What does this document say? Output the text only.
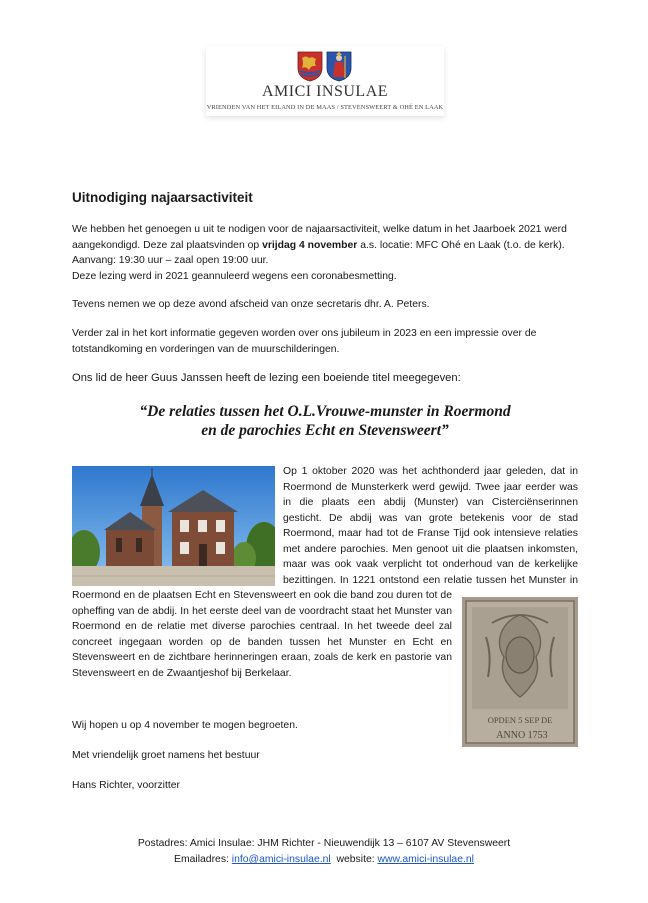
AMICI INSULAE
VRIENDEN VAN HET EILAND IN DE MAAS / STEVENSWEERT & OHÉ EN LAAK
Uitnodiging najaarsactiviteit

We hebben het genoegen u uit te nodigen voor de najaarsactiviteit, welke datum in het Jaarboek 2021 werd aangekondigd. Deze zal plaatsvinden op vrijdag 4 november a.s. locatie: MFC Ohé en Laak (t.o. de kerk). Aanvang: 19:30 uur – zaal open 19:00 uur.
Deze lezing werd in 2021 geannuleerd wegens een coronabesmetting.

Tevens nemen we op deze avond afscheid van onze secretaris dhr. A. Peters.

Verder zal in het kort informatie gegeven worden over ons jubileum in 2023 en een impressie over de totstandkoming en vorderingen van de muurschilderingen.

Ons lid de heer Guus Janssen heeft de lezing een boeiende titel meegegeven:

“De relaties tussen het O.L.Vrouwe-munster in Roermond
en de parochies Echt en Stevensweert”
OPDEN 5 SEP DE
ANNO 1753
Op 1 oktober 2020 was het achthonderd jaar geleden, dat in Roermond de Munsterkerk werd gewijd. Twee jaar eerder was in die plaats een abdij (Munster) van Cisterciënserinnen gesticht. De abdij was van grote betekenis voor de stad Roermond, maar had tot de Franse Tijd ook intensieve relaties met andere parochies. Men genoot uit die plaatsen inkomsten, maar was ook vaak verplicht tot onderhoud van de kerkelijke bezittingen. In 1221 ontstond een relatie tussen het Munster in Roermond en de plaatsen Echt en Stevensweert en ook die band zou duren tot de opheffing van de abdij. In het eerste deel van de voordracht staat het Munster van Roermond en de relatie met diverse parochies centraal. In het tweede deel zal concreet ingegaan worden op de banden tussen het Munster en Echt en Stevensweert en de zichtbare herinneringen eraan, zoals de kerk en pastorie van Stevensweert en de Zwaantjeshof bij Berkelaar.

Wij hopen u op 4 november te mogen begroeten.

Met vriendelijk groet namens het bestuur

Hans Richter, voorzitter

Postadres: Amici Insulae: JHM Richter - Nieuwendijk 13 – 6107 AV Stevensweert
Emailadres: info@amici-insulae.nl website: www.amici-insulae.nl
